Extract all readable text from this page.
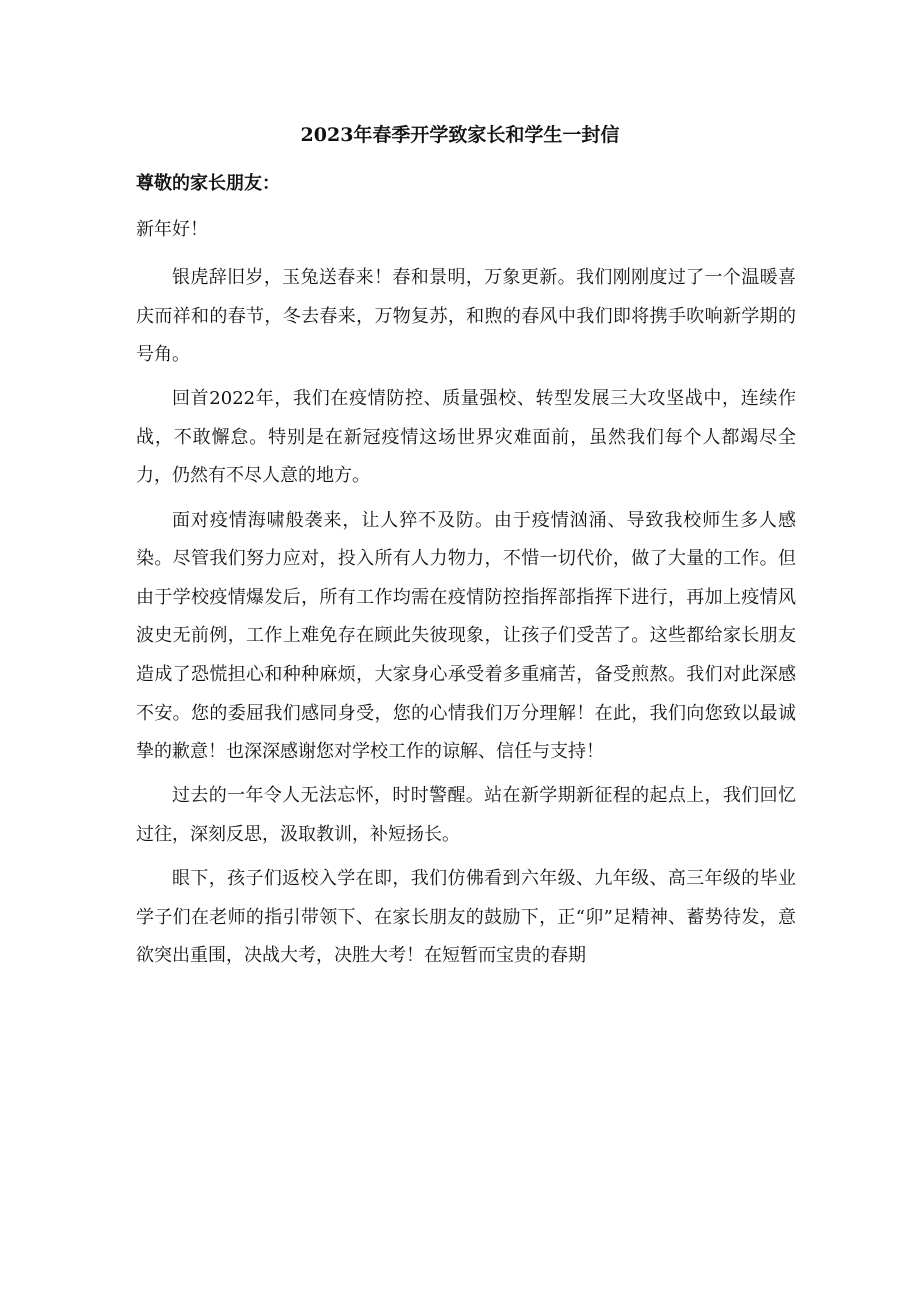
2023年春季开学致家长和学生一封信
尊敬的家长朋友：
新年好！

银虎辞旧岁，玉兔送春来！春和景明，万象更新。我们刚刚度过了一个温暖喜庆而祥和的春节，冬去春来，万物复苏，和煦的春风中我们即将携手吹响新学期的号角。

回首2022年，我们在疫情防控、质量强校、转型发展三大攻坚战中，连续作战，不敢懈怠。特别是在新冠疫情这场世界灾难面前，虽然我们每个人都竭尽全力，仍然有不尽人意的地方。

面对疫情海啸般袭来，让人猝不及防。由于疫情汹涌、导致我校师生多人感染。尽管我们努力应对，投入所有人力物力，不惜一切代价，做了大量的工作。但由于学校疫情爆发后，所有工作均需在疫情防控指挥部指挥下进行，再加上疫情风波史无前例，工作上难免存在顾此失彼现象，让孩子们受苦了。这些都给家长朋友造成了恐慌担心和种种麻烦，大家身心承受着多重痛苦，备受煎熬。我们对此深感不安。您的委屈我们感同身受，您的心情我们万分理解！在此，我们向您致以最诚挚的歉意！也深深感谢您对学校工作的谅解、信任与支持！

过去的一年令人无法忘怀，时时警醒。站在新学期新征程的起点上，我们回忆过往，深刻反思，汲取教训，补短扬长。

眼下，孩子们返校入学在即，我们仿佛看到六年级、九年级、高三年级的毕业学子们在老师的指引带领下、在家长朋友的鼓励下，正“卯”足精神、蓄势待发，意欲突出重围，决战大考，决胜大考！在短暂而宝贵的春期
